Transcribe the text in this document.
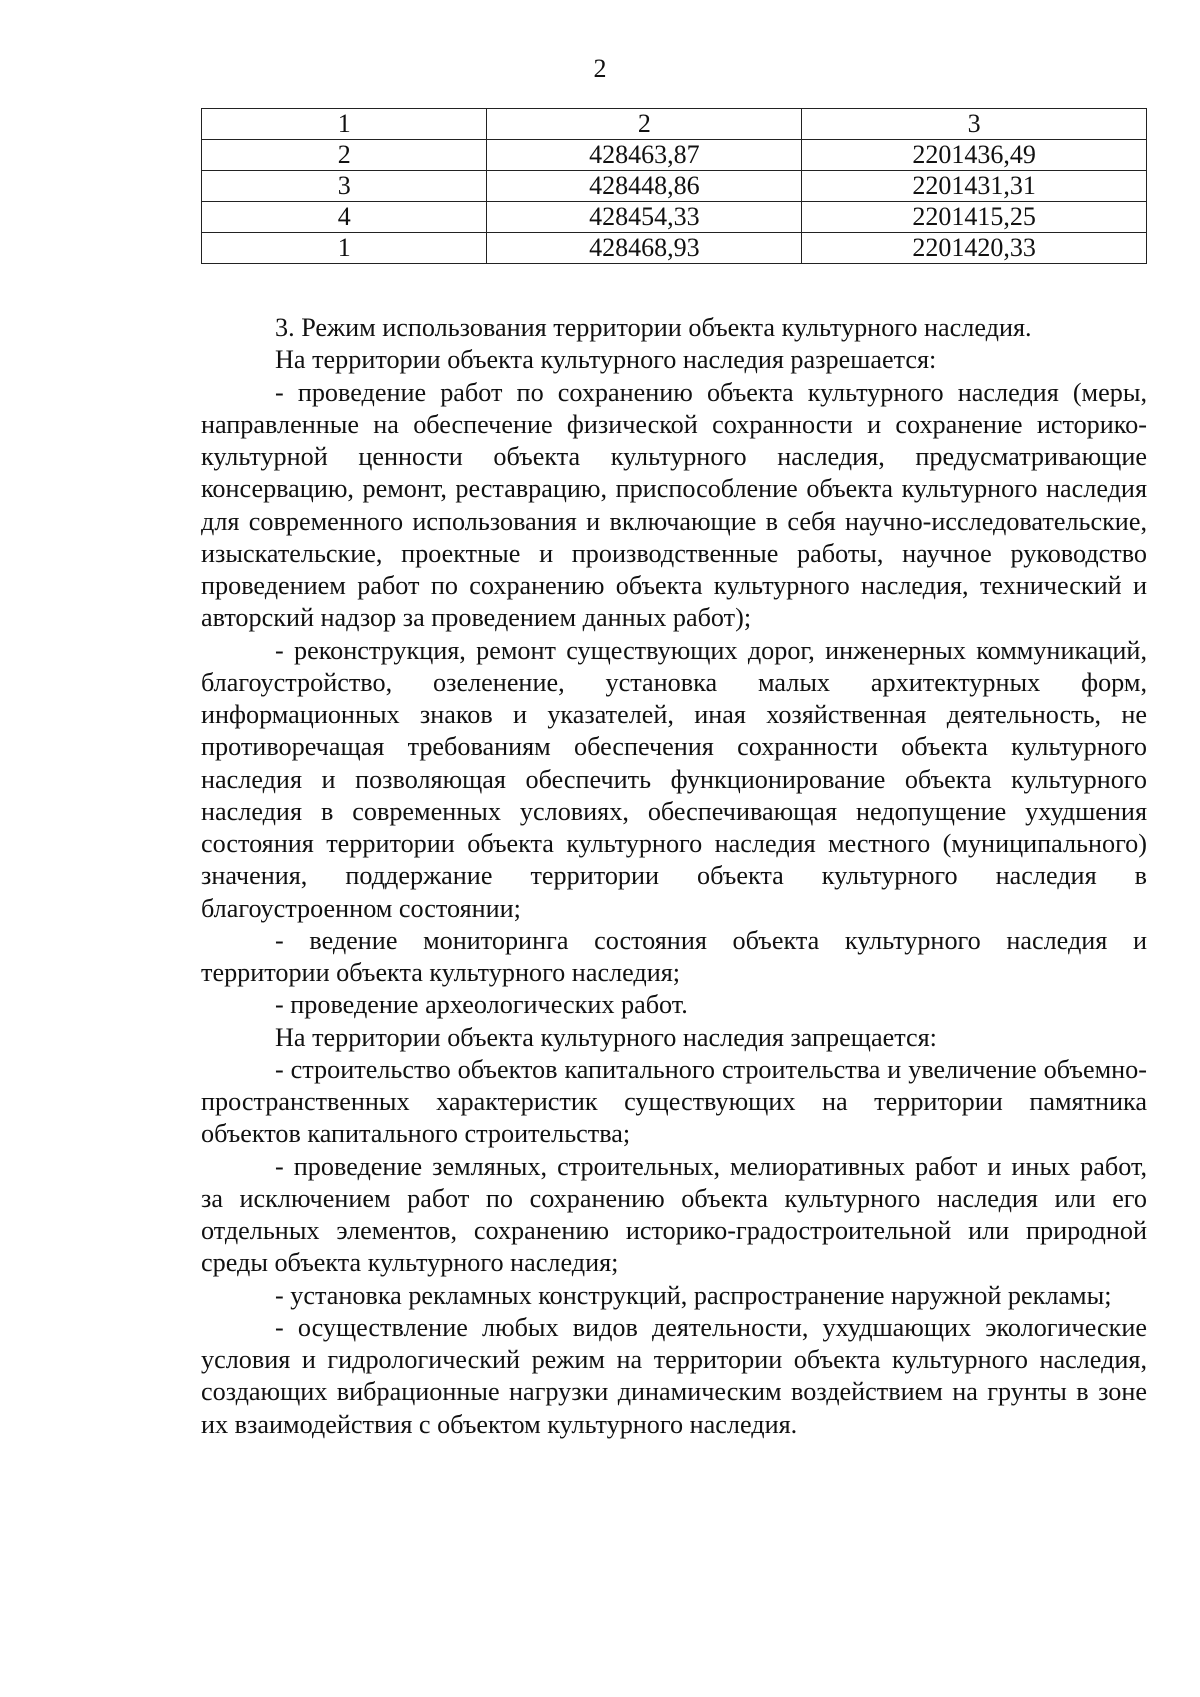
2
1	2	3
2	428463,87	2201436,49
3	428448,86	2201431,31
4	428454,33	2201415,25
1	428468,93	2201420,33

3. Режим использования территории объекта культурного наследия.

На территории объекта культурного наследия разрешается:

- проведение работ по сохранению объекта культурного наследия (меры, направленные на обеспечение физической сохранности и сохранение историко-культурной ценности объекта культурного наследия, предусматривающие консервацию, ремонт, реставрацию, приспособление объекта культурного наследия для современного использования и включающие в себя научно-исследовательские, изыскательские, проектные и производственные работы, научное руководство проведением работ по сохранению объекта культурного наследия, технический и авторский надзор за проведением данных работ);

- реконструкция, ремонт существующих дорог, инженерных коммуникаций, благоустройство, озеленение, установка малых архитектурных форм, информационных знаков и указателей, иная хозяйственная деятельность, не противоречащая требованиям обеспечения сохранности объекта культурного наследия и позволяющая обеспечить функционирование объекта культурного наследия в современных условиях, обеспечивающая недопущение ухудшения состояния территории объекта культурного наследия местного (муниципального) значения, поддержание территории объекта культурного наследия в благоустроенном состоянии;

- ведение мониторинга состояния объекта культурного наследия и территории объекта культурного наследия;

- проведение археологических работ.

На территории объекта культурного наследия запрещается:

- строительство объектов капитального строительства и увеличение объемно-пространственных характеристик существующих на территории памятника объектов капитального строительства;

- проведение земляных, строительных, мелиоративных работ и иных работ, за исключением работ по сохранению объекта культурного наследия или его отдельных элементов, сохранению историко-градостроительной или природной среды объекта культурного наследия;

- установка рекламных конструкций, распространение наружной рекламы;

- осуществление любых видов деятельности, ухудшающих экологические условия и гидрологический режим на территории объекта культурного наследия, создающих вибрационные нагрузки динамическим воздействием на грунты в зоне их взаимодействия с объектом культурного наследия.
